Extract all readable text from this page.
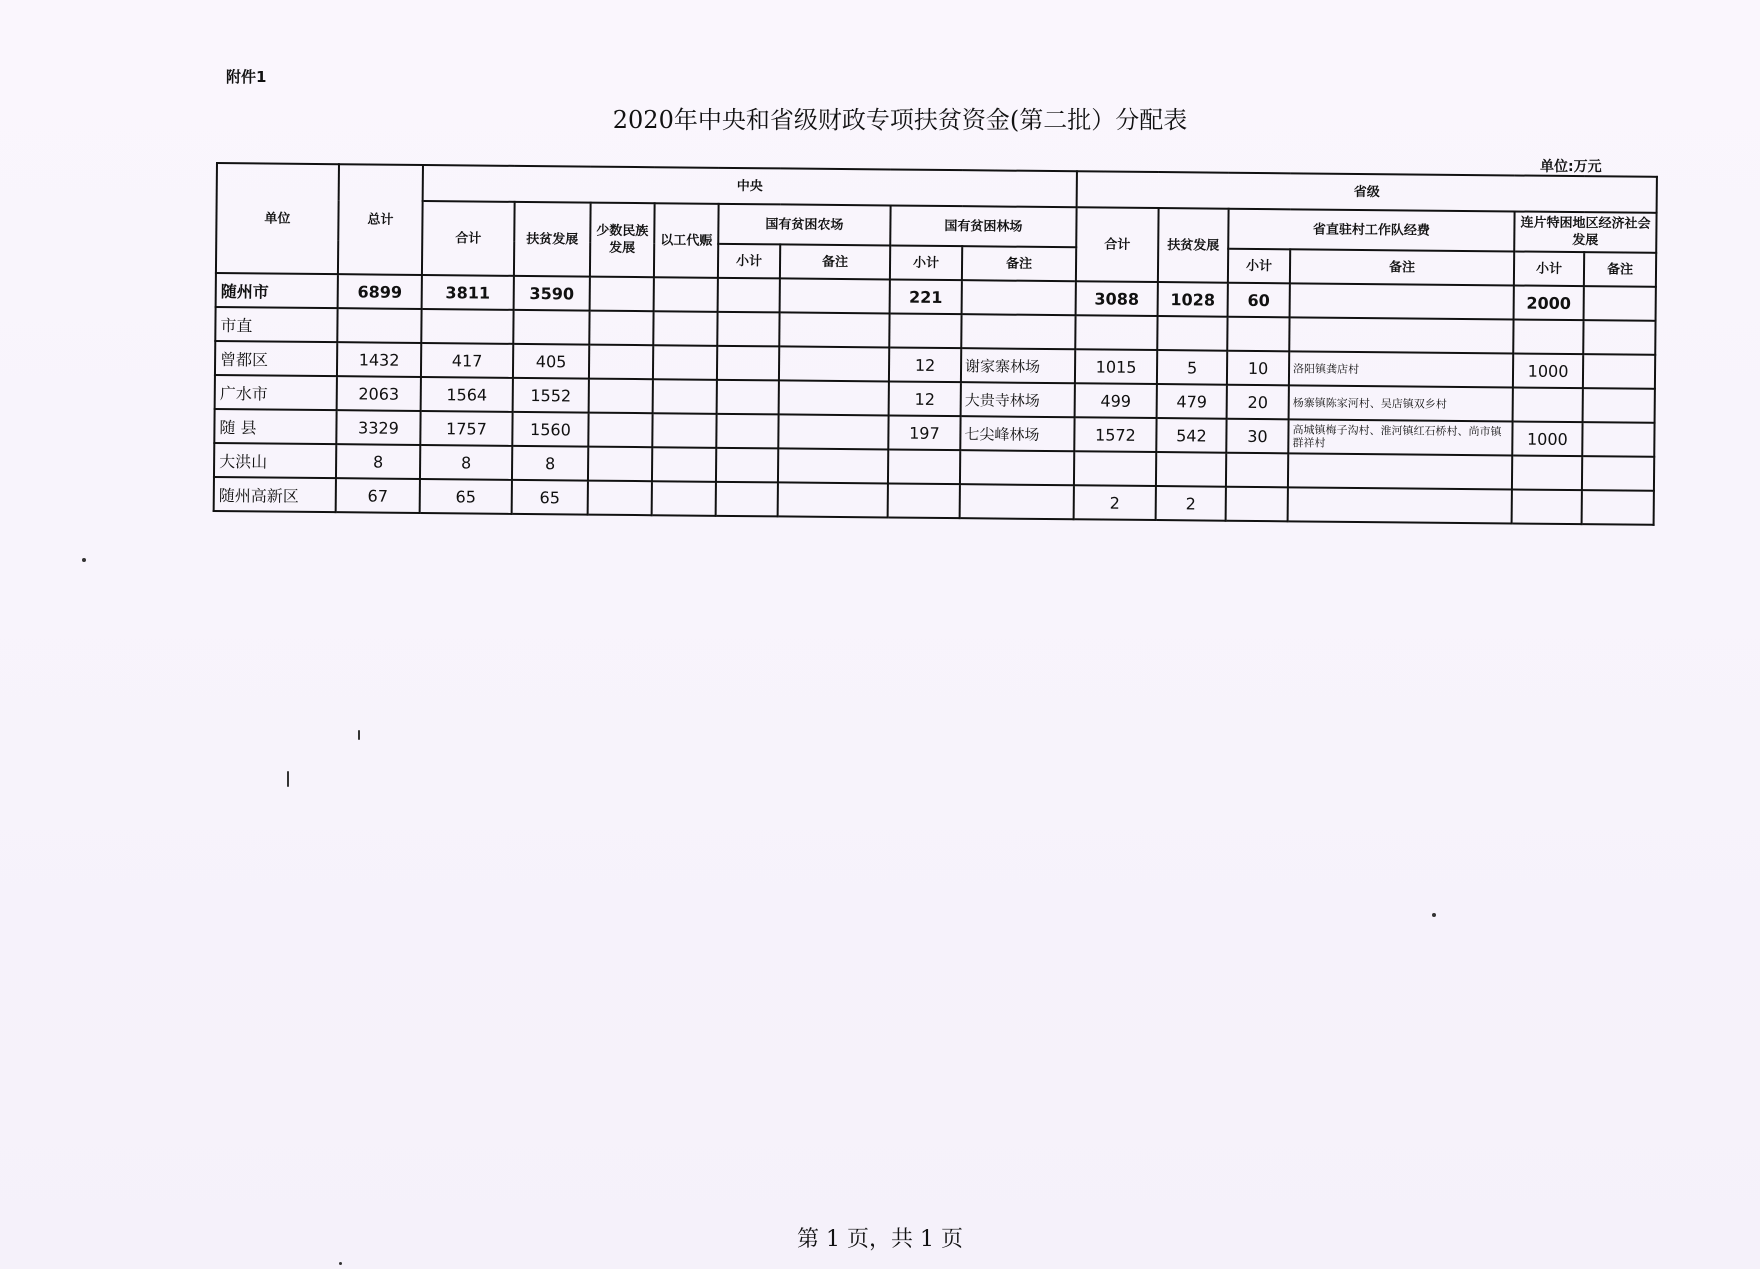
附件1
2020年中央和省级财政专项扶贫资金(第二批）分配表
单位:万元
单位	总计	中央								省级					
		合计	扶贫发展	少数民族发展	以工代赈	国有贫困农场		国有贫困林场		合计	扶贫发展	省直驻村工作队经费		连片特困地区经济社会发展	
						小计	备注	小计	备注			小计	备注	小计	备注
随州市	6899	3811	3590					221		3088	1028	60		2000	
市直															
曾都区	1432	417	405					12	谢家寨林场	1015	5	10	洛阳镇龚店村	1000	
广水市	2063	1564	1552					12	大贵寺林场	499	479	20	杨寨镇陈家河村、吴店镇双乡村		
随 县	3329	1757	1560					197	七尖峰林场	1572	542	30	高城镇梅子沟村、淮河镇红石桥村、尚市镇群祥村	1000	
大洪山	8	8	8												
随州高新区	67	65	65							2	2				
第 1 页，共 1 页
